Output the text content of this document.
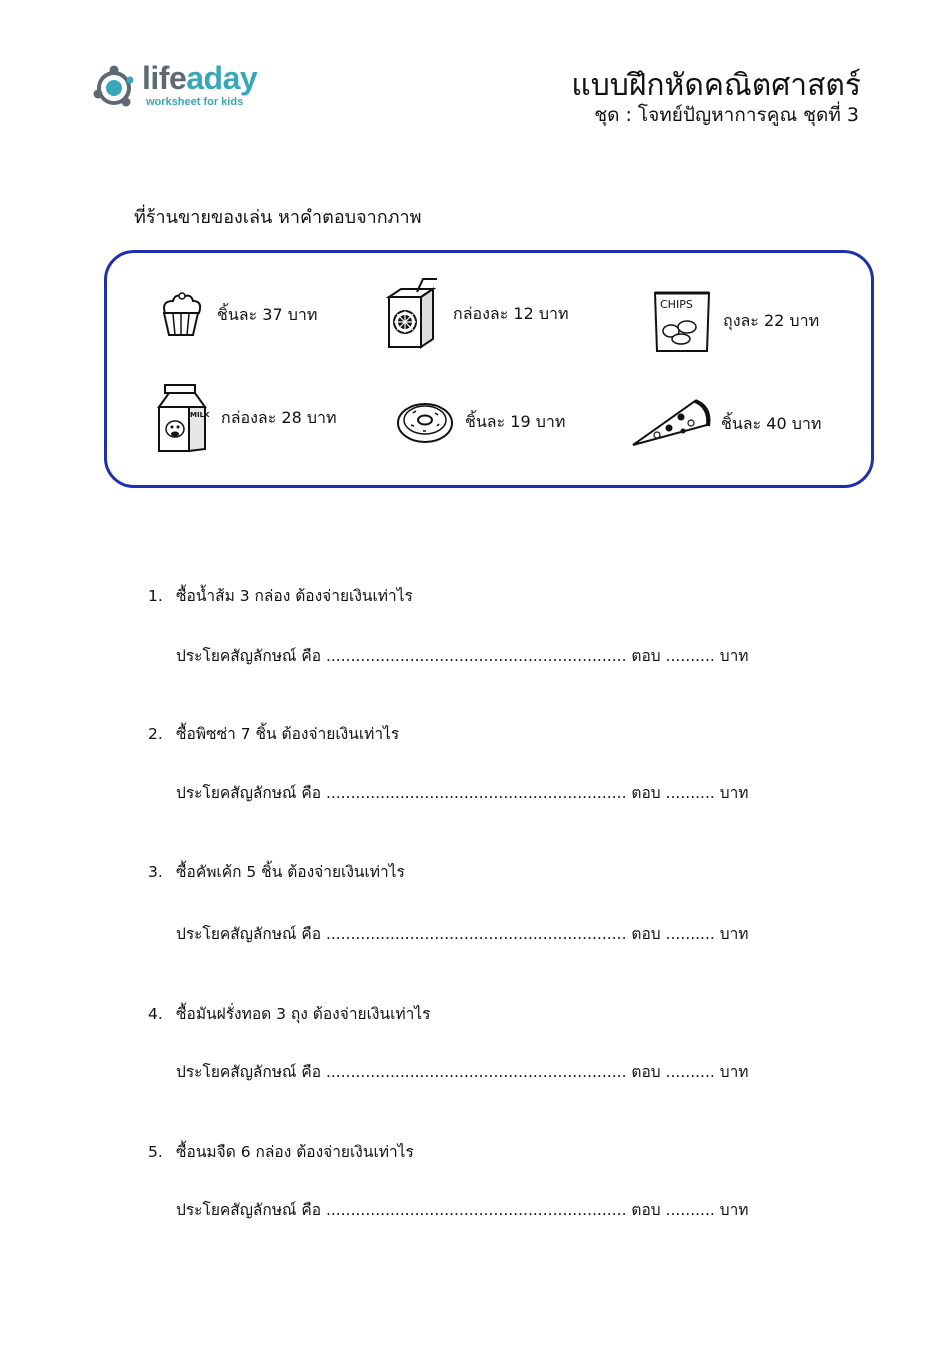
lifeaday
worksheet for kids	แบบฝึกหัดคณิตศาสตร์
ชุด : โจทย์ปัญหาการคูณ ชุดที่ 3
ที่ร้านขายของเล่น หาคำตอบจากภาพ
ชิ้นละ 37 บาท	กล่องละ 12 บาท	CHIPS
ถุงละ 22 บาท
MILK กล่องละ 28 บาท	ชิ้นละ 19 บาท	ชิ้นละ 40 บาท
1. ซื้อน้ำส้ม 3 กล่อง ต้องจ่ายเงินเท่าไร
ประโยคสัญลักษณ์ คือ ............................................................. ตอบ .......... บาท
2. ซื้อพิซซ่า 7 ชิ้น ต้องจ่ายเงินเท่าไร
ประโยคสัญลักษณ์ คือ ............................................................. ตอบ .......... บาท
3. ซื้อคัพเค้ก 5 ชิ้น ต้องจ่ายเงินเท่าไร
ประโยคสัญลักษณ์ คือ ............................................................. ตอบ .......... บาท
4. ซื้อมันฝรั่งทอด 3 ถุง ต้องจ่ายเงินเท่าไร
ประโยคสัญลักษณ์ คือ ............................................................. ตอบ .......... บาท
5. ซื้อนมจืด 6 กล่อง ต้องจ่ายเงินเท่าไร
ประโยคสัญลักษณ์ คือ ............................................................. ตอบ .......... บาท
